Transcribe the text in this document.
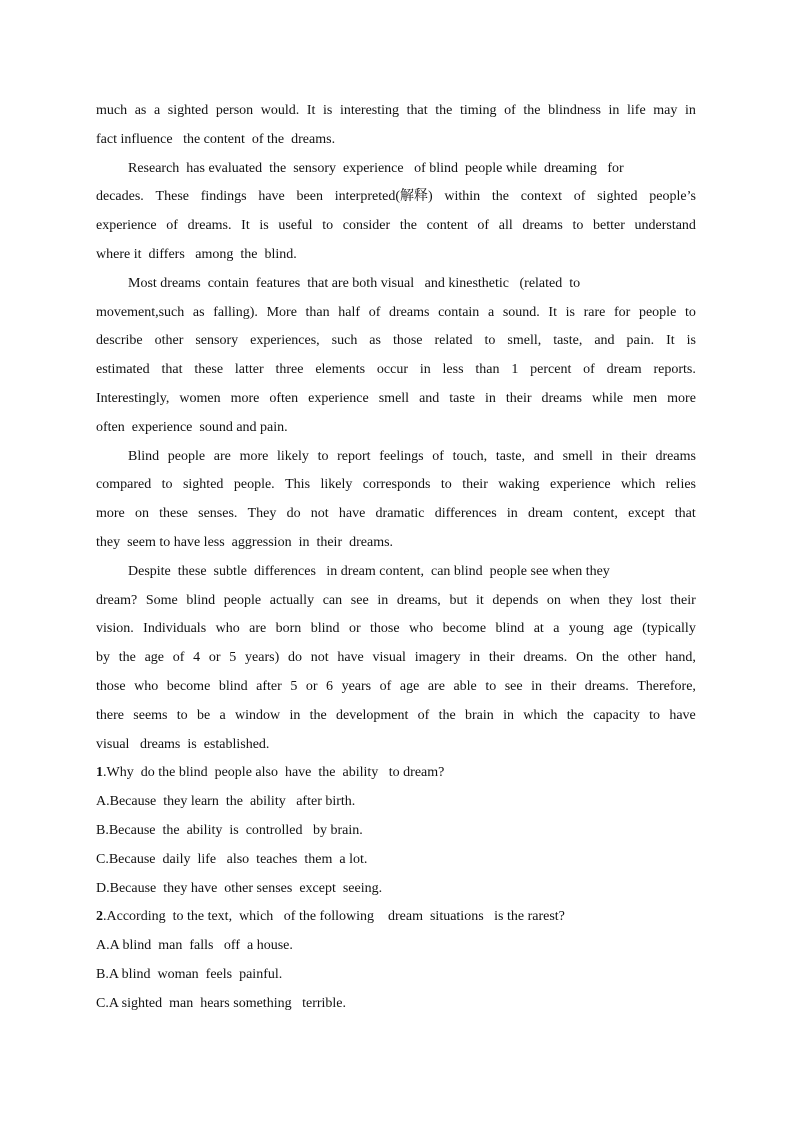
much as a sighted person would. It is interesting that the timing of the blindness in life may in
fact influence   the content  of the  dreams.
Research  has evaluated  the  sensory  experience   of blind  people while  dreaming   for
decades. These findings have been interpreted(解释) within the context of sighted people’s
experience of dreams. It is useful to consider the content of all dreams to better understand
where it  differs   among  the  blind.
Most dreams  contain  features  that are both visual   and kinesthetic   (related  to
movement,such as falling). More than half of dreams contain a sound. It is rare for people to
describe other sensory experiences, such as those related to smell, taste, and pain. It is
estimated that these latter three elements occur in less than 1 percent of dream reports.
Interestingly, women more often experience smell and taste in their dreams while men more
often  experience  sound and pain.
Blind people are more likely to report feelings of touch, taste, and smell in their dreams
compared to sighted people. This likely corresponds to their waking experience which relies
more on these senses. They do not have dramatic differences in dream content, except that
they  seem to have less  aggression  in  their  dreams.
Despite  these  subtle  differences   in dream content,  can blind  people see when they
dream? Some blind people actually can see in dreams, but it depends on when they lost their
vision. Individuals who are born blind or those who become blind at a young age (typically
by the age of 4 or 5 years) do not have visual imagery in their dreams. On the other hand,
those who become blind after 5 or 6 years of age are able to see in their dreams. Therefore,
there seems to be a window in the development of the brain in which the capacity to have
visual   dreams  is  established.
1 .Why  do the blind  people also  have  the  ability   to dream?
A.Because  they learn  the  ability   after birth.
B.Because  the  ability  is  controlled   by brain.
C.Because  daily  life   also  teaches  them  a lot.
D.Because  they have  other senses  except  seeing.
2 .According  to the text,  which   of the following    dream  situations   is the rarest?
A.A blind  man  falls   off  a house.
B.A blind  woman  feels  painful.
C.A sighted  man  hears something   terrible.
